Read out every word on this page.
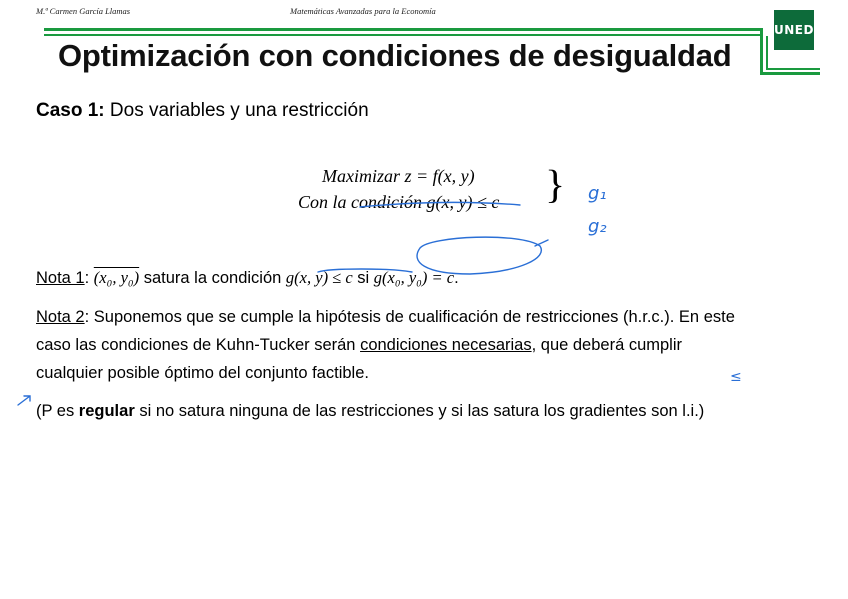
M.ª Carmen García Llamas	Matemáticas Avanzadas para la Economía
UNED
Optimización con condiciones de desigualdad
Caso 1: Dos variables y una restricción
Maximizar z = f(x, y)
Con la condición g(x, y) ≤ c }
Nota 1: (x₀, y₀) satura la condición g(x, y) ≤ c si g(x₀, y₀) = c.
Nota 2: Suponemos que se cumple la hipótesis de cualificación de restricciones (h.r.c.). En este
caso las condiciones de Kuhn-Tucker serán condiciones necesarias, que deberá cumplir
cualquier posible óptimo del conjunto factible.
(P es regular si no satura ninguna de las restricciones y si las satura los gradientes son l.i.)
g₁
g₂
≤
